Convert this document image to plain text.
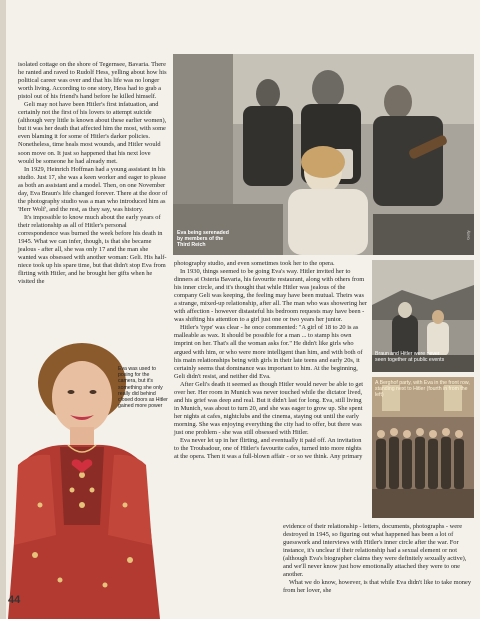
Eva being serenaded by members of the Third Reich
Getty
Braun and Hitler were never seen together at public events
A Berghof party, with Eva in the front row, standing next to Hitler (fourth in from the left)
Eva was used to posing for the camera, but it's something she only really did behind closed doors as Hitler gained more power

isolated cottage on the shore of Tegernsee, Bavaria. There he ranted and raved to Rudolf Hess, yelling about how his political career was over and that his life was no longer worth living. According to one story, Hess had to grab a pistol out of his friend's hand before he killed himself.

Geli may not have been Hitler's first infatuation, and certainly not the first of his lovers to attempt suicide (although very little is known about these earlier women), but it was her death that affected him the most, with some even blaming it for some of Hitler's darker policies. Nonetheless, time heals most wounds, and Hitler would soon move on. It just so happened that his next love would be someone he had already met.

In 1929, Heinrich Hoffman had a young assistant in his studio. Just 17, she was a keen worker and eager to please as both an assistant and a model. Then, on one November day, Eva Braun's life changed forever. There at the door of the photography studio was a man who introduced him as 'Herr Wolf', and the rest, as they say, was history.

It's impossible to know much about the early years of their relationship as all of Hitler's personal correspondence was burned the week before his death in 1945. What we can infer, though, is that she became jealous - after all, she was only 17 and the man she wanted was obsessed with another woman: Geli. His half-niece took up his spare time, but that didn't stop Eva from flirting with Hitler, and he brought her gifts when he visited the

photography studio, and even sometimes took her to the opera.

In 1930, things seemed to be going Eva's way. Hitler invited her to dinners at Osteria Bavaria, his favourite restaurant, along with others from his inner circle, and it's thought that while Hitler was jealous of the company Geli was keeping, the feeling may have been mutual. Theirs was a strange, mixed-up relationship, after all. The man who was showering her with affection - however distasteful his bedroom requests may have been - was shifting his attention to a girl just one or two years her junior.

Hitler's 'type' was clear - he once commented: "A girl of 18 to 20 is as malleable as wax. It should be possible for a man ... to stamp his own imprint on her. That's all the woman asks for." He didn't like girls who argued with him, or who were more intelligent than him, and with both of his main relationships being with girls in their late teens and early 20s, it certainly seems that dominance was important to him. At the beginning, Geli didn't resist, and neither did Eva.

After Geli's death it seemed as though Hitler would never be able to get over her. Her room in Munich was never touched while the dictator lived, and his grief was deep and real. But it didn't last for long. Eva, still living in Munich, was about to turn 20, and she was eager to grow up. She spent her nights at cafes, nightclubs and the cinema, staying out until the early morning. She was enjoying everything the city had to offer, but there was just one problem - she was still obsessed with Hitler.

Eva never let up in her flirting, and eventually it paid off. An invitation to the Troubadour, one of Hitler's favourite cafes, turned into more nights at the opera. Then it was a full-blown affair - or so we think. Any primary

evidence of their relationship - letters, documents, photographs - were destroyed in 1945, so figuring out what happened has been a lot of guesswork and interviews with Hitler's inner circle after the war. For instance, it's unclear if their relationship had a sexual element or not (although Eva's biographer claims they were definitely sexually active), and we'll never know just how emotionally attached they were to one another.

What we do know, however, is that while Eva didn't like to take money from her lover, she

44
